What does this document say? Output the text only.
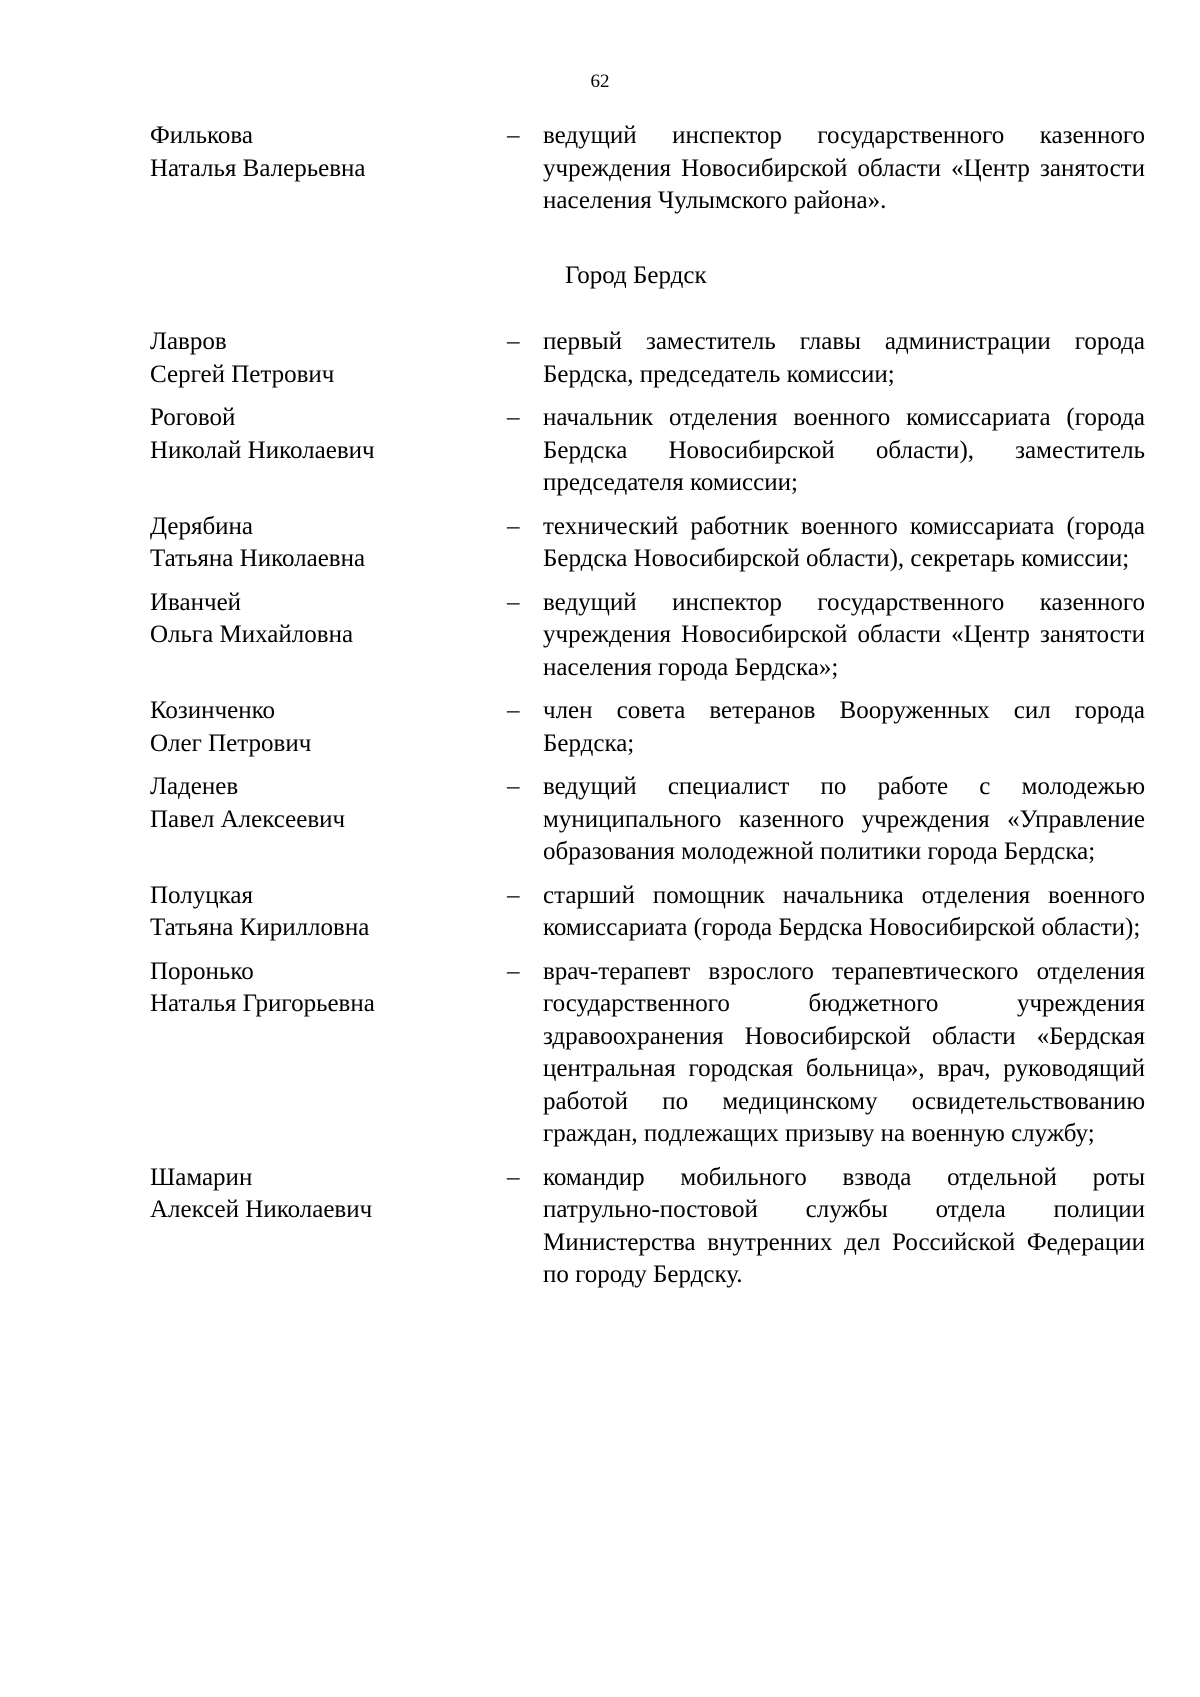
62
Филькова
Наталья Валерьевна
– ведущий инспектор государственного казенного учреждения Новосибирской области «Центр занятости населения Чулымского района».
Город Бердск
Лавров
Сергей Петрович
– первый заместитель главы администрации города Бердска, председатель комиссии;
Роговой
Николай Николаевич
– начальник отделения военного комиссариата (города Бердска Новосибирской области), заместитель председателя комиссии;
Дерябина
Татьяна Николаевна
– технический работник военного комиссариата (города Бердска Новосибирской области), секретарь комиссии;
Иванчей
Ольга Михайловна
– ведущий инспектор государственного казенного учреждения Новосибирской области «Центр занятости населения города Бердска»;
Козинченко
Олег Петрович
– член совета ветеранов Вооруженных сил города Бердска;
Ладенев
Павел Алексеевич
– ведущий специалист по работе с молодежью муниципального казенного учреждения «Управление образования молодежной политики города Бердска;
Полуцкая
Татьяна Кирилловна
– старший помощник начальника отделения военного комиссариата (города Бердска Новосибирской области);
Поронько
Наталья Григорьевна
– врач-терапевт взрослого терапевтического отделения государственного бюджетного учреждения здравоохранения Новосибирской области «Бердская центральная городская больница», врач, руководящий работой по медицинскому освидетельствованию граждан, подлежащих призыву на военную службу;
Шамарин
Алексей Николаевич
– командир мобильного взвода отдельной роты патрульно-постовой службы отдела полиции Министерства внутренних дел Российской Федерации по городу Бердску.
